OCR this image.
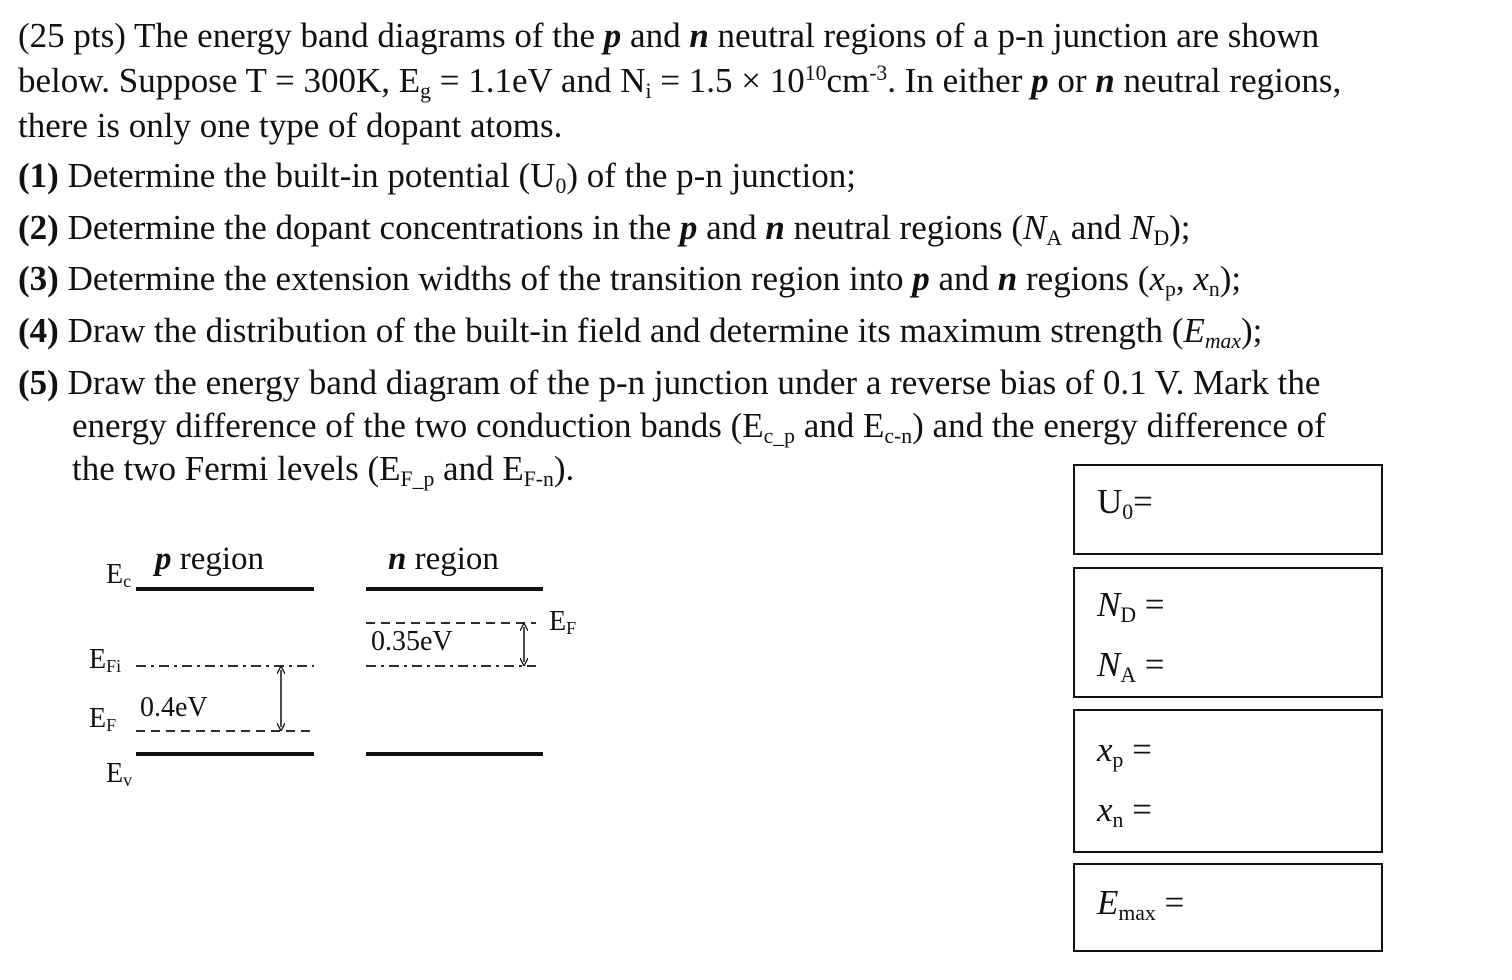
(25 pts) The energy band diagrams of the p and n neutral regions of a p-n junction are shown
below. Suppose T = 300K, $E_g = 1.1eV$ and $N_i = 1.5 \times 10^{10}cm^{-3}$. In either p or n neutral regions,
there is only one type of dopant atoms.
(1) Determine the built-in potential $(U_0)$ of the p-n junction;
(2) Determine the dopant concentrations in the p and n neutral regions ($N_A$ and $N_D$);
(3) Determine the extension widths of the transition region into p and n regions ($x_p$, $x_n$);
(4) Draw the distribution of the built-in field and determine its maximum strength $(E_{max})$;
(5) Draw the energy band diagram of the p-n junction under a reverse bias of 0.1 V. Mark the
energy difference of the two conduction bands ($E_{c\_p}$ and $E_{c-n}$) and the energy difference of
the two Fermi levels ($E_{F\_p}$ and $E_{F-n}$).
p region
Ec
EFi
EF
Ev
0.4eV
n region
0.35eV
EF
$U_0=$
$N_D$ =
$N_A$ =
$x_p$ =
$x_n$ =
$E_{max}$ =
